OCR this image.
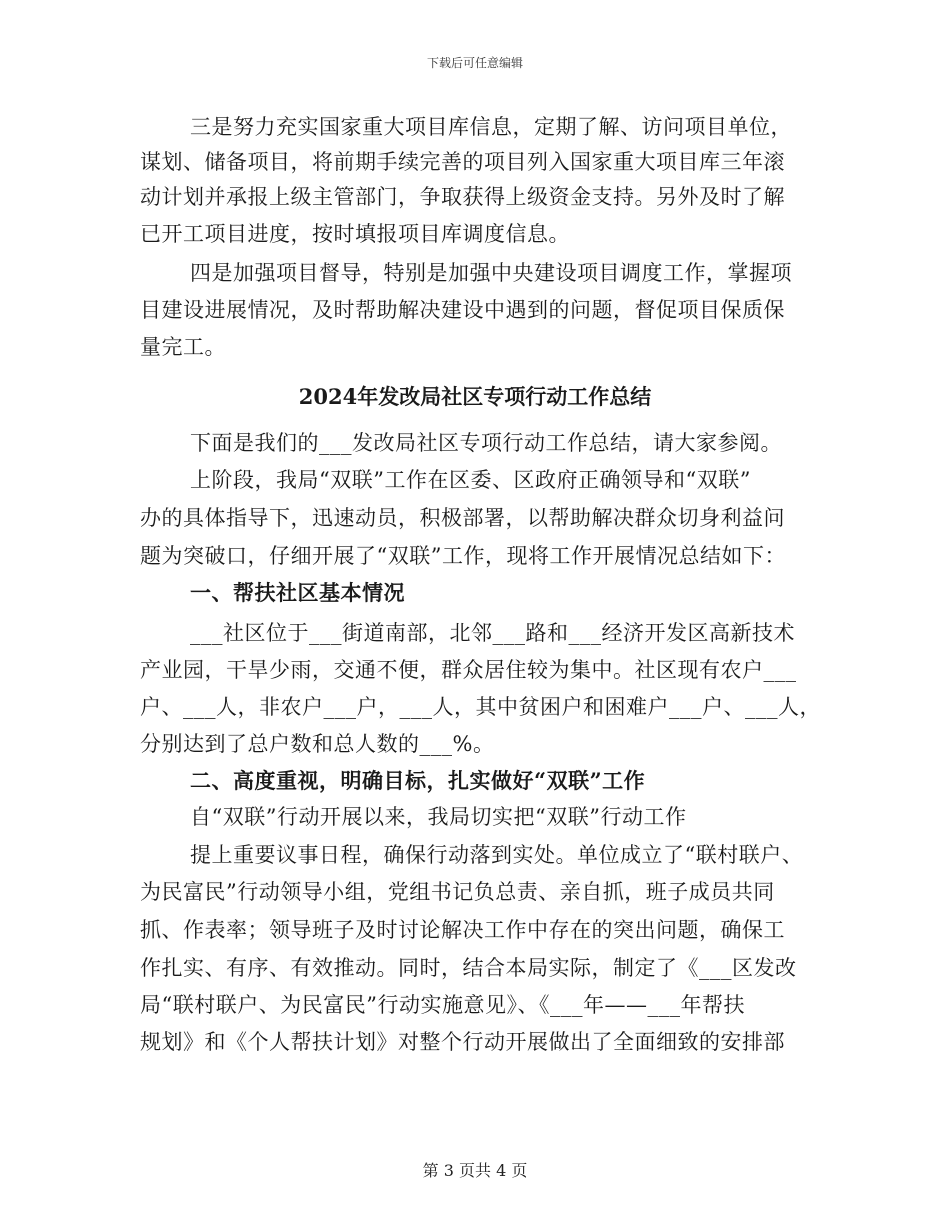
下载后可任意编辑
三是努力充实国家重大项目库信息，定期了解、访问项目单位，
谋划、储备项目，将前期手续完善的项目列入国家重大项目库三年滚
动计划并承报上级主管部门，争取获得上级资金支持。另外及时了解
已开工项目进度，按时填报项目库调度信息。
四是加强项目督导，特别是加强中央建设项目调度工作，掌握项
目建设进展情况，及时帮助解决建设中遇到的问题，督促项目保质保
量完工。
2024年发改局社区专项行动工作总结
下面是我们的___发改局社区专项行动工作总结，请大家参阅。
上阶段，我局“双联”工作在区委、区政府正确领导和“双联”
办的具体指导下，迅速动员，积极部署，以帮助解决群众切身利益问
题为突破口，仔细开展了“双联”工作，现将工作开展情况总结如下：
一、帮扶社区基本情况
___社区位于___街道南部，北邻___路和___经济开发区高新技术
产业园，干旱少雨，交通不便，群众居住较为集中。社区现有农户___
户、___人，非农户___户，___人，其中贫困户和困难户___户、___人，
分别达到了总户数和总人数的___%。
二、高度重视，明确目标，扎实做好“双联”工作
自“双联”行动开展以来，我局切实把“双联”行动工作
提上重要议事日程，确保行动落到实处。单位成立了“联村联户、
为民富民”行动领导小组，党组书记负总责、亲自抓，班子成员共同
抓、作表率；领导班子及时讨论解决工作中存在的突出问题，确保工
作扎实、有序、有效推动。同时，结合本局实际，制定了《___区发改
局“联村联户、为民富民”行动实施意见》、《___年——___年帮扶
规划》和《个人帮扶计划》对整个行动开展做出了全面细致的安排部
第 3 页共 4 页
